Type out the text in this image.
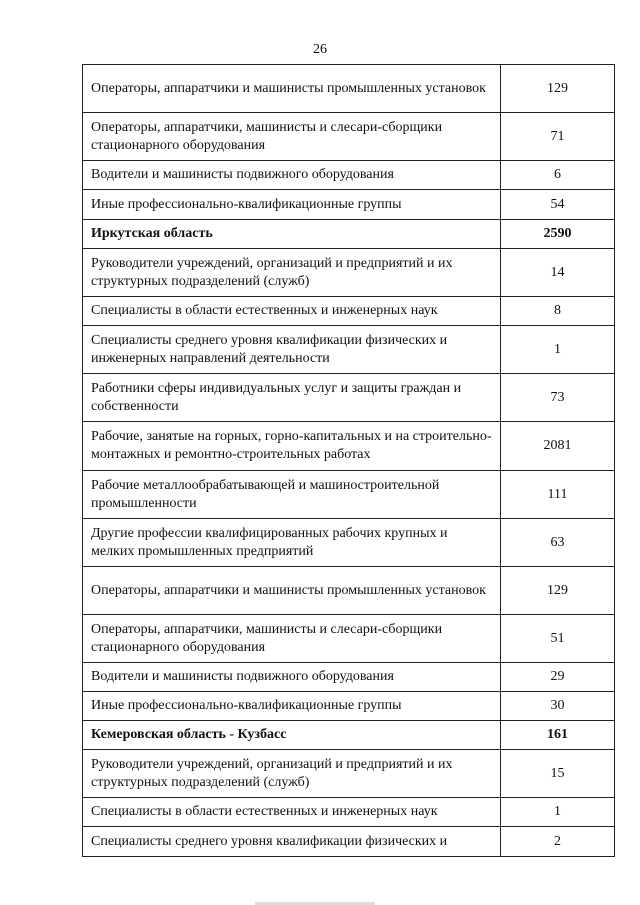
26
Операторы, аппаратчики и машинисты промышленных установок	129
Операторы, аппаратчики, машинисты и слесари-сборщики стационарного оборудования	71
Водители и машинисты подвижного оборудования	6
Иные профессионально-квалификационные группы	54
Иркутская область	2590
Руководители учреждений, организаций и предприятий и их структурных подразделений (служб)	14
Специалисты в области естественных и инженерных наук	8
Специалисты среднего уровня квалификации физических и инженерных направлений деятельности	1
Работники сферы индивидуальных услуг и защиты граждан и собственности	73
Рабочие, занятые на горных, горно-капитальных и на строительно-монтажных и ремонтно-строительных работах	2081
Рабочие металлообрабатывающей и машиностроительной промышленности	111
Другие профессии квалифицированных рабочих крупных и мелких промышленных предприятий	63
Операторы, аппаратчики и машинисты промышленных установок	129
Операторы, аппаратчики, машинисты и слесари-сборщики стационарного оборудования	51
Водители и машинисты подвижного оборудования	29
Иные профессионально-квалификационные группы	30
Кемеровская область - Кузбасс	161
Руководители учреждений, организаций и предприятий и их структурных подразделений (служб)	15
Специалисты в области естественных и инженерных наук	1
Специалисты среднего уровня квалификации физических и	2
